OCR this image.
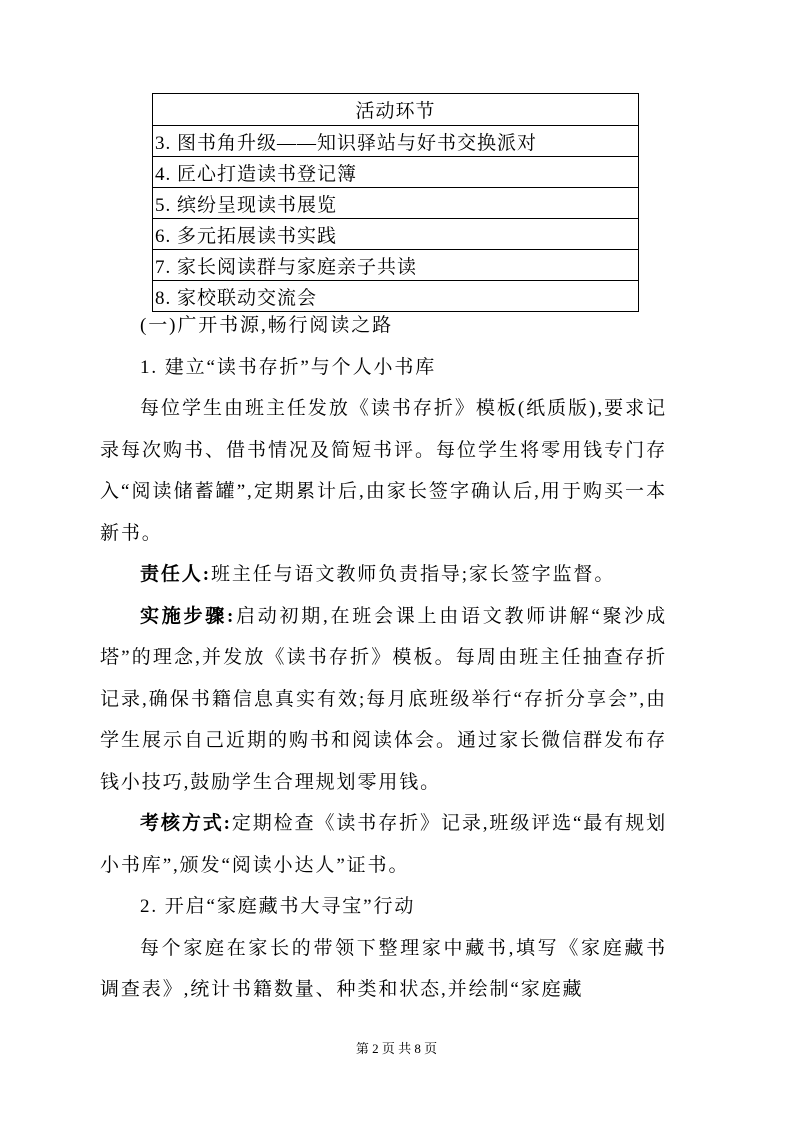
活动环节
3. 图书角升级——知识驿站与好书交换派对
4. 匠心打造读书登记簿
5. 缤纷呈现读书展览
6. 多元拓展读书实践
7. 家长阅读群与家庭亲子共读
8. 家校联动交流会

(一)广开书源,畅行阅读之路

1. 建立“读书存折”与个人小书库

每位学生由班主任发放《读书存折》模板(纸质版),要求记录每次购书、借书情况及简短书评。每位学生将零用钱专门存入“阅读储蓄罐”,定期累计后,由家长签字确认后,用于购买一本新书。

责任人:班主任与语文教师负责指导;家长签字监督。

实施步骤:启动初期,在班会课上由语文教师讲解“聚沙成塔”的理念,并发放《读书存折》模板。每周由班主任抽查存折记录,确保书籍信息真实有效;每月底班级举行“存折分享会”,由学生展示自己近期的购书和阅读体会。通过家长微信群发布存钱小技巧,鼓励学生合理规划零用钱。

考核方式:定期检查《读书存折》记录,班级评选“最有规划小书库”,颁发“阅读小达人”证书。

2. 开启“家庭藏书大寻宝”行动

每个家庭在家长的带领下整理家中藏书,填写《家庭藏书调查表》,统计书籍数量、种类和状态,并绘制“家庭藏

第 2 页 共 8 页
